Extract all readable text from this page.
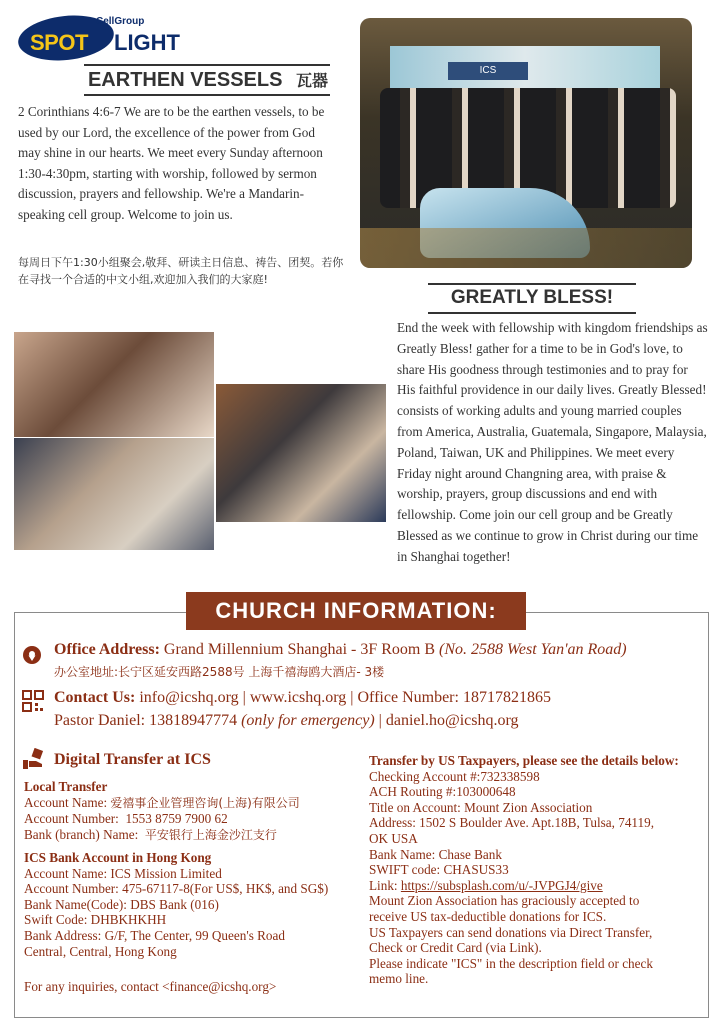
CellGroup
SPOT LIGHT
EARTHEN VESSELS 瓦器
2 Corinthians 4:6-7 We are to be the earthen vessels, to be used by our Lord, the excellence of the power from God may shine in our hearts. We meet every Sunday afternoon 1:30-4:30pm, starting with worship, followed by sermon discussion, prayers and fellowship. We're a Mandarin-speaking cell group. Welcome to join us.
每周日下午1:30小组聚会,敬拜、研读主日信息、祷告、团契。若你在寻找一个合适的中文小组,欢迎加入我们的大家庭!
ICS
GREATLY BLESS!
End the week with fellowship with kingdom friendships as Greatly Bless! gather for a time to be in God's love, to share His goodness through testimonies and to pray for His faithful providence in our daily lives. Greatly Blessed! consists of working adults and young married couples from America, Australia, Guatemala, Singapore, Malaysia, Poland, Taiwan, UK and Philippines. We meet every Friday night around Changning area, with praise & worship, prayers, group discussions and end with fellowship. Come join our cell group and be Greatly Blessed as we continue to grow in Christ during our time in Shanghai together!
CHURCH INFORMATION:
Office Address: Grand Millennium Shanghai - 3F Room B (No. 2588 West Yan'an Road)
办公室地址:长宁区延安西路2588号 上海千禧海鸥大酒店- 3楼
Contact Us: info@icshq.org | www.icshq.org | Office Number: 18717821865
Pastor Daniel: 13818947774 (only for emergency) | daniel.ho@icshq.org
Digital Transfer at ICS
Local Transfer
Account Name: 爱禧事企业管理咨询(上海)有限公司
Account Number: 1553 8759 7900 62
Bank (branch) Name: 平安银行上海金沙江支行
ICS Bank Account in Hong Kong
Account Name: ICS Mission Limited
Account Number: 475-67117-8(For US$, HK$, and SG$)
Bank Name(Code): DBS Bank (016)
Swift Code: DHBKHKHH
Bank Address: G/F, The Center, 99 Queen's Road
Central, Central, Hong Kong
For any inquiries, contact <finance@icshq.org>
Transfer by US Taxpayers, please see the details below:
Checking Account #:732338598
ACH Routing #:103000648
Title on Account: Mount Zion Association
Address: 1502 S Boulder Ave. Apt.18B, Tulsa, 74119,
OK USA
Bank Name: Chase Bank
SWIFT code: CHASUS33
Link: https://subsplash.com/u/-JVPGJ4/give
Mount Zion Association has graciously accepted to
receive US tax-deductible donations for ICS.
US Taxpayers can send donations via Direct Transfer,
Check or Credit Card (via Link).
Please indicate "ICS" in the description field or check
memo line.
